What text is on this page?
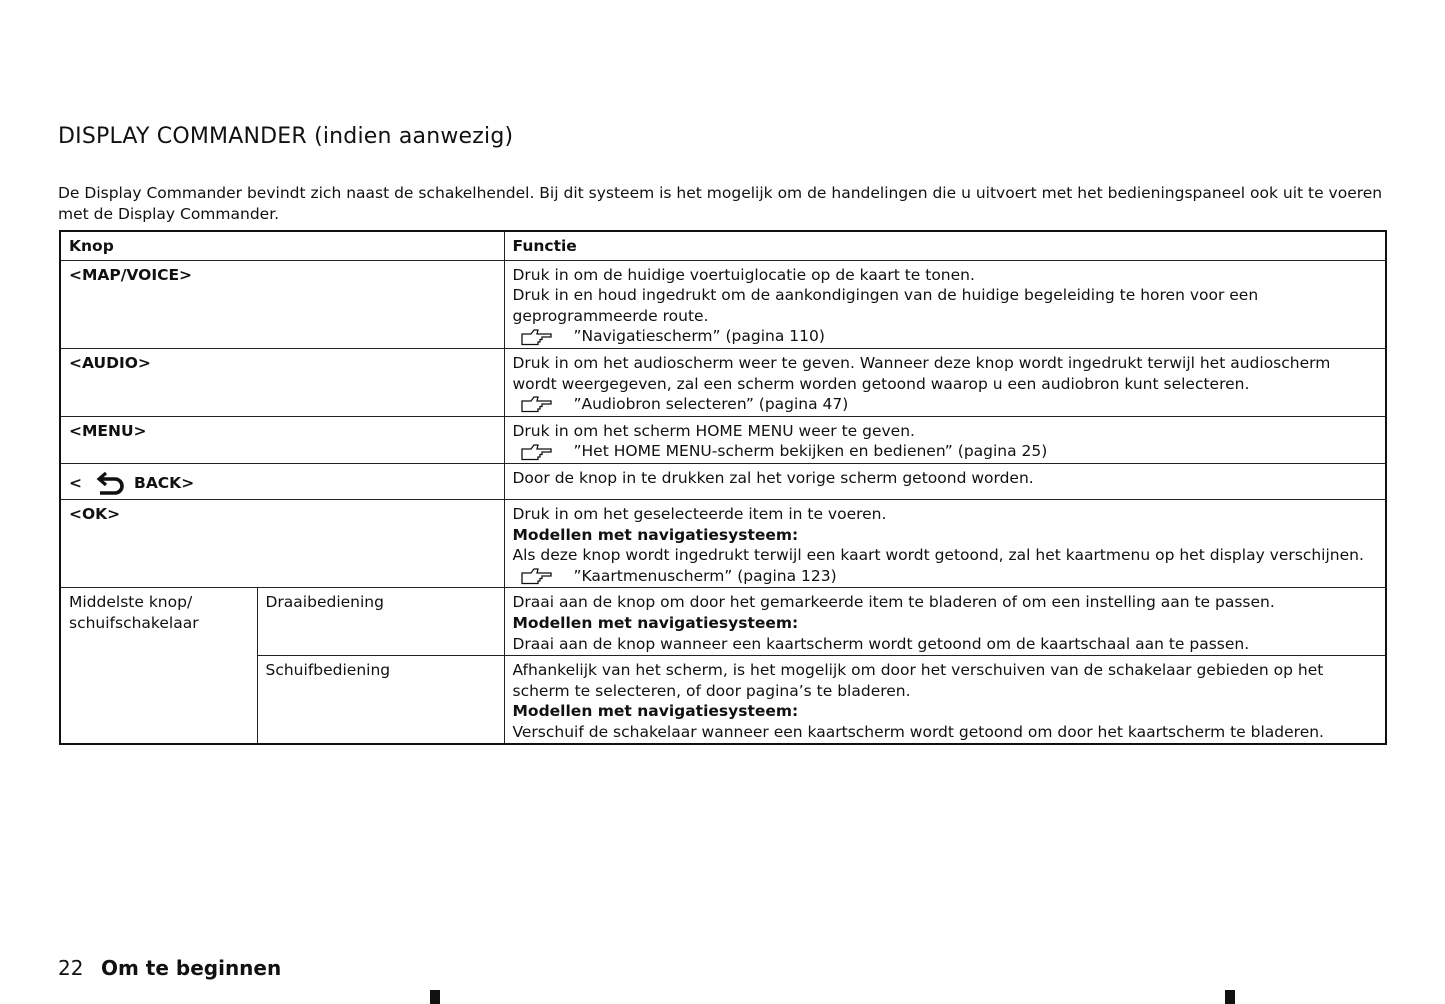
DISPLAY COMMANDER (indien aanwezig)

De Display Commander bevindt zich naast de schakelhendel. Bij dit systeem is het mogelijk om de handelingen die u uitvoert met het bedieningspaneel ook uit te voeren met de Display Commander.

Knop		Functie
<MAP/VOICE>		Druk in om de huidige voertuiglocatie op de kaart te tonen.
Druk in en houd ingedrukt om de aankondigingen van de huidige begeleiding te horen voor een geprogrammeerde route.
”Navigatiescherm” (pagina 110)

<AUDIO>		Druk in om het audioscherm weer te geven. Wanneer deze knop wordt ingedrukt terwijl het audioscherm wordt weergegeven, zal een scherm worden getoond waarop u een audiobron kunt selecteren.
”Audiobron selecteren” (pagina 47)

<MENU>		Druk in om het scherm HOME MENU weer te geven.
”Het HOME MENU-scherm bekijken en bedienen” (pagina 25)

< BACK>		Door de knop in te drukken zal het vorige scherm getoond worden.

<OK>		Druk in om het geselecteerde item in te voeren.
Modellen met navigatiesysteem:
Als deze knop wordt ingedrukt terwijl een kaart wordt getoond, zal het kaartmenu op het display verschijnen.
”Kaartmenuscherm” (pagina 123)

Middelste knop/ schuifschakelaar	Draaibediening	Draai aan de knop om door het gemarkeerde item te bladeren of om een instelling aan te passen.
Modellen met navigatiesysteem:
Draai aan de knop wanneer een kaartscherm wordt getoond om de kaartschaal aan te passen.

	Schuifbediening	Afhankelijk van het scherm, is het mogelijk om door het verschuiven van de schakelaar gebieden op het scherm te selecteren, of door pagina’s te bladeren.
Modellen met navigatiesysteem:
Verschuif de schakelaar wanneer een kaartscherm wordt getoond om door het kaartscherm te bladeren.
22 Om te beginnen
